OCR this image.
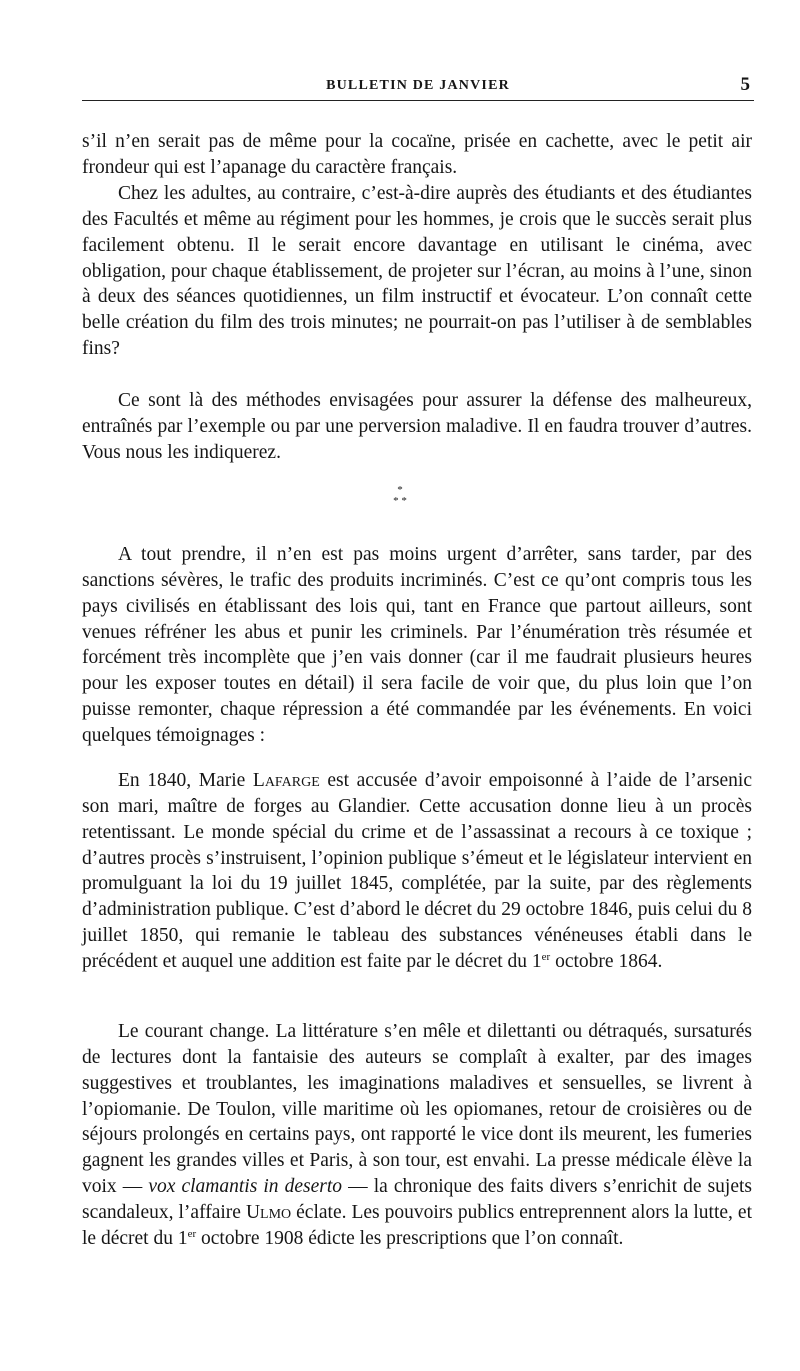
BULLETIN DE JANVIER	5

s’il n’en serait pas de même pour la cocaïne, prisée en cachette, avec le petit air frondeur qui est l’apanage du caractère français.

Chez les adultes, au contraire, c’est-à-dire auprès des étudiants et des étudiantes des Facultés et même au régiment pour les hommes, je crois que le succès serait plus facilement obtenu. Il le serait encore davantage en utilisant le cinéma, avec obligation, pour chaque établissement, de projeter sur l’écran, au moins à l’une, sinon à deux des séances quotidiennes, un film instructif et évocateur. L’on connaît cette belle création du film des trois minutes; ne pourrait-on pas l’utiliser à de semblables fins?

Ce sont là des méthodes envisagées pour assurer la défense des malheureux, entraînés par l’exemple ou par une perversion maladive. Il en faudra trouver d’autres. Vous nous les indiquerez.

*
* *

A tout prendre, il n’en est pas moins urgent d’arrêter, sans tarder, par des sanctions sévères, le trafic des produits incriminés. C’est ce qu’ont compris tous les pays civilisés en établissant des lois qui, tant en France que partout ailleurs, sont venues réfréner les abus et punir les criminels. Par l’énumération très résumée et forcément très incomplète que j’en vais donner (car il me faudrait plusieurs heures pour les exposer toutes en détail) il sera facile de voir que, du plus loin que l’on puisse remonter, chaque répression a été commandée par les événements. En voici quelques témoignages :

En 1840, Marie Lafarge est accusée d’avoir empoisonné à l’aide de l’arsenic son mari, maître de forges au Glandier. Cette accusation donne lieu à un procès retentissant. Le monde spécial du crime et de l’assassinat a recours à ce toxique ; d’autres procès s’instruisent, l’opinion publique s’émeut et le législateur intervient en promulguant la loi du 19 juillet 1845, complétée, par la suite, par des règlements d’administration publique. C’est d’abord le décret du 29 octobre 1846, puis celui du 8 juillet 1850, qui remanie le tableau des substances vénéneuses établi dans le précédent et auquel une addition est faite par le décret du 1er octobre 1864.

Le courant change. La littérature s’en mêle et dilettanti ou détraqués, sursaturés de lectures dont la fantaisie des auteurs se complaît à exalter, par des images suggestives et troublantes, les imaginations maladives et sensuelles, se livrent à l’opiomanie. De Toulon, ville maritime où les opiomanes, retour de croisières ou de séjours prolongés en certains pays, ont rapporté le vice dont ils meurent, les fumeries gagnent les grandes villes et Paris, à son tour, est envahi. La presse médicale élève la voix — vox clamantis in deserto — la chronique des faits divers s’enrichit de sujets scandaleux, l’affaire Ulmo éclate. Les pouvoirs publics entreprennent alors la lutte, et le décret du 1er octobre 1908 édicte les prescriptions que l’on connaît.
